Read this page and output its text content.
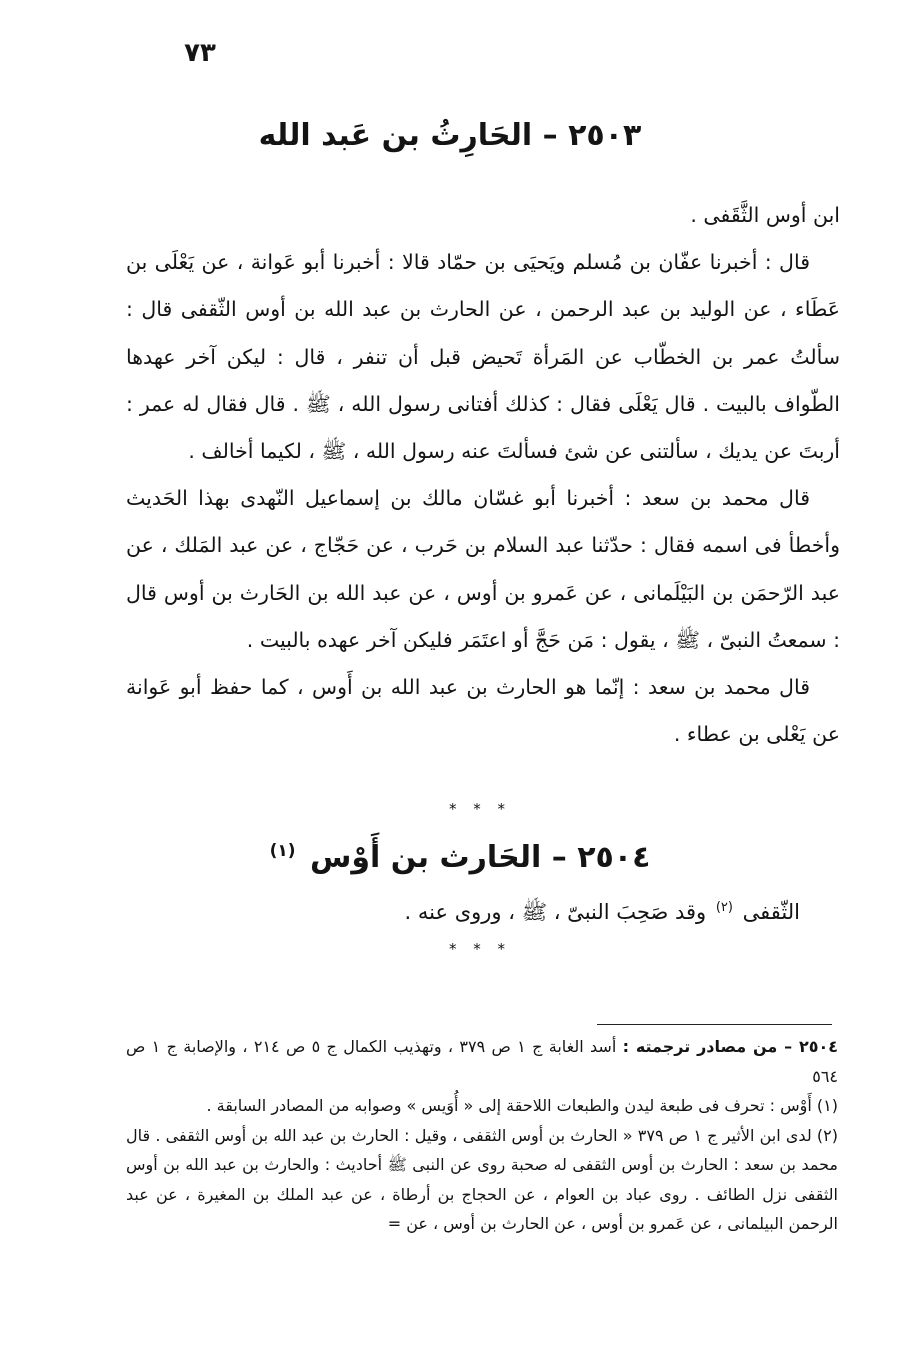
٧٣
٢٥٠٣ – الحَارِثُ بن عَبد الله

ابن أوس الثَّقَفى .

قال : أخبرنا عفّان بن مُسلم ويَحيَى بن حمّاد قالا : أخبرنا أبو عَوانة ، عن يَعْلَى بن عَطَاء ، عن الوليد بن عبد الرحمن ، عن الحارث بن عبد الله بن أوس الثّقفى قال : سألتُ عمر بن الخطّاب عن المَرأة تَحيض قبل أن تنفر ، قال : ليكن آخر عهدها الطّواف بالبيت . قال يَعْلَى فقال : كذلك أفتانى رسول الله ، ﷺ . قال فقال له عمر : أربتَ عن يديك ، سألتنى عن شئ فسألتَ عنه رسول الله ، ﷺ ، لكيما أخالف .

قال محمد بن سعد : أخبرنا أبو غسّان مالك بن إسماعيل النّهدى بهذا الحَديث وأخطأ فى اسمه فقال : حدّثنا عبد السلام بن حَرب ، عن حَجّاج ، عن عبد المَلك ، عن عبد الرّحمَن بن البَيْلَمانى ، عن عَمرو بن أوس ، عن عبد الله بن الحَارث بن أوس قال : سمعتُ النبىّ ، ﷺ ، يقول : مَن حَجَّ أو اعتَمَر فليكن آخر عهده بالبيت .

قال محمد بن سعد : إنّما هو الحارث بن عبد الله بن أَوس ، كما حفظ أبو عَوانة عن يَعْلى بن عطاء .

* * *
٢٥٠٤ – الحَارث بن أَوْس $^{(١)}$
الثّقفى $^{(٢)}$ وقد صَحِبَ النبىّ ، ﷺ ، وروى عنه .
* * *

٢٥٠٤ – من مصادر ترجمته : أسد الغابة ج ١ ص ٣٧٩ ، وتهذيب الكمال ج ٥ ص ٢١٤ ، والإصابة ج ١ ص ٥٦٤

(١) أَوْس : تحرف فى طبعة ليدن والطبعات اللاحقة إلى « أُوَيس » وصوابه من المصادر السابقة .

(٢) لدى ابن الأثير ج ١ ص ٣٧٩ « الحارث بن أوس الثقفى ، وقيل : الحارث بن عبد الله بن أوس الثقفى . قال محمد بن سعد : الحارث بن أوس الثقفى له صحبة روى عن النبى ﷺ أحاديث : والحارث بن عبد الله بن أوس الثقفى نزل الطائف . روى عباد بن العوام ، عن الحجاج بن أرطاة ، عن عبد الملك بن المغيرة ، عن عبد الرحمن البيلمانى ، عن عَمرو بن أوس ، عن الحارث بن أوس ، عن =
